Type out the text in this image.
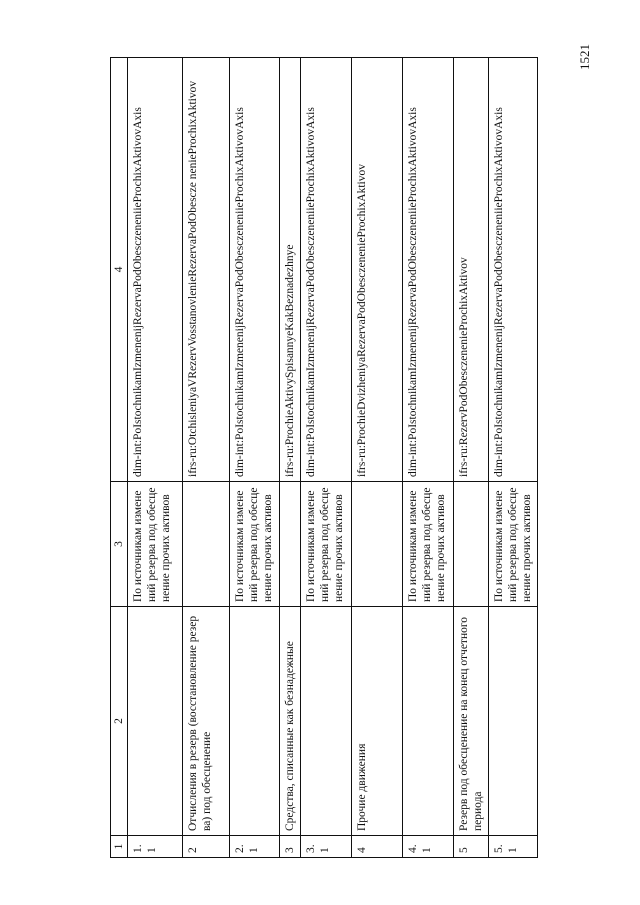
1521
1	2	3	4
1.1		По источникам изменений резерва под обесценение прочих активов	dim-int:PoIstochnikamIzmenenijRezervaPodObesczeneniieProchixAktivovAxis
2	Отчисления в резерв (восстановление резерва) под обесценение		ifrs-ru:OtchisleniyaVRezervVosstanovlenieRezervaPodObescze nenieProchixAktivov
2.1		По источникам изменений резерва под обесценение прочих активов	dim-int:PoIstochnikamIzmenenijRezervaPodObesczeneniieProchixAktivovAxis
3	Средства, списанные как безнадежные		ifrs-ru:ProchieAktivySpisannyeKakBeznadezhnye
3.1		По источникам изменений резерва под обесценение прочих активов	dim-int:PoIstochnikamIzmenenijRezervaPodObesczeneniieProchixAktivovAxis
4	Прочие движения		ifrs-ru:ProchieDvizheniyaRezervaPodObesczenenieProchixAktivov
4.1		По источникам изменений резерва под обесценение прочих активов	dim-int:PoIstochnikamIzmenenijRezervaPodObesczeneniieProchixAktivovAxis
5	Резерв под обесценение на конец отчетного периода		ifrs-ru:RezervPodObesczenenieProchixAktivov
5.1		По источникам изменений резерва под обесценение прочих активов	dim-int:PoIstochnikamIzmenenijRezervaPodObesczeneniieProchixAktivovAxis
